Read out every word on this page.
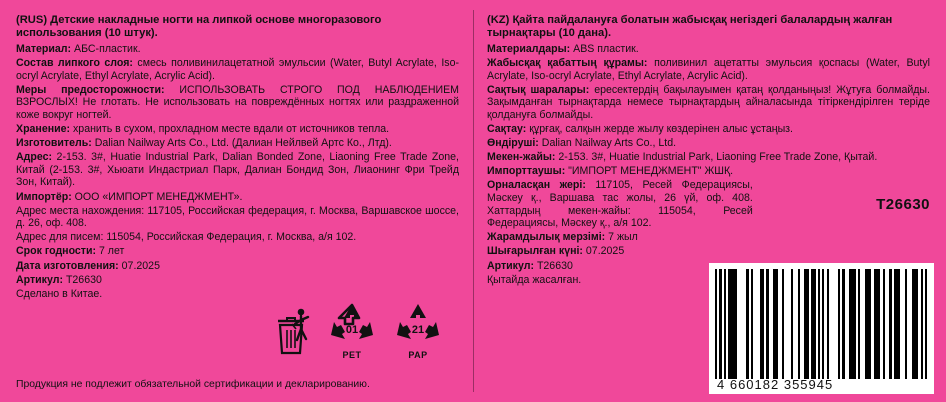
(RUS) Детские накладные ногти на липкой основе многоразового использования (10 штук).

Материал: АБС-пластик.

Состав липкого слоя: смесь поливинилацетатной эмульсии (Water, Butyl Acrylate, Iso-ocryl Acrylate, Ethyl Acrylate, Acrylic Acid).

Меры предосторожности: ИСПОЛЬЗОВАТЬ СТРОГО ПОД НАБЛЮДЕНИЕМ ВЗРОСЛЫХ! Не глотать. Не использовать на повреждённых ногтях или раздраженной коже вокруг ногтей.

Хранение: хранить в сухом, прохладном месте вдали от источников тепла.

Изготовитель: Dalian Nailway Arts Co., Ltd. (Далиан Нейлвей Артс Ко., Лтд).

Адрес: 2-153. 3#, Huatie Industrial Park, Dalian Bonded Zone, Liaoning Free Trade Zone, Китай (2-153. 3#, Хьюати Индастриал Парк, Далиан Бондид Зон, Лиаонинг Фри Трейд Зон, Китай).

Импортёр: ООО «ИМПОРТ МЕНЕДЖМЕНТ».

Адрес места нахождения: 117105, Российская федерация, г. Москва, Варшавское шоссе, д. 26, оф. 408.

Адрес для писем: 115054, Российская Федерация, г. Москва, а/я 102.

Срок годности: 7 лет

Дата изготовления: 07.2025

Артикул: Т26630

Сделано в Китае.

(KZ) Қайта пайдалануға болатын жабысқақ негіздегі балалардың жалған тырнақтары (10 дана).

Материалдары: ABS пластик.

Жабысқақ қабаттың құрамы: поливинил ацетатты эмульсия қоспасы (Water, Butyl Acrylate, Iso-ocryl Acrylate, Ethyl Acrylate, Acrylic Acid).

Сақтық шаралары: ересектердің бақылауымен қатаң қолданыңыз! Жұтуға болмайды. Зақымданған тырнақтарда немесе тырнақтардың айналасында тітіркендірілген теріде қолдануға болмайды.

Сақтау: құрғақ, салқын жерде жылу көздерінен алыс ұстаңыз.

Өндіруші: Dalian Nailway Arts Co., Ltd.

Мекен-жайы: 2-153. 3#, Huatie Industrial Park, Liaoning Free Trade Zone, Қытай.

Импорттаушы: "ИМПОРТ МЕНЕДЖМЕНТ" ЖШҚ.

Орналасқан жері: 117105, Ресей Федерациясы, Мәскеу қ., Варшава тас жолы, 26 үй, оф. 408. Хаттардың мекен-жайы: 115054, Ресей Федерациясы, Мәскеу қ., а/я 102.

Жарамдылық мерзімі: 7 жыл

Шығарылған күні: 07.2025

Артикул: Т26630

Қытайда жасалған.

T26630
01
PET
21
PAP
Продукция не подлежит обязательной сертификации и декларированию.	4 660182 355945
